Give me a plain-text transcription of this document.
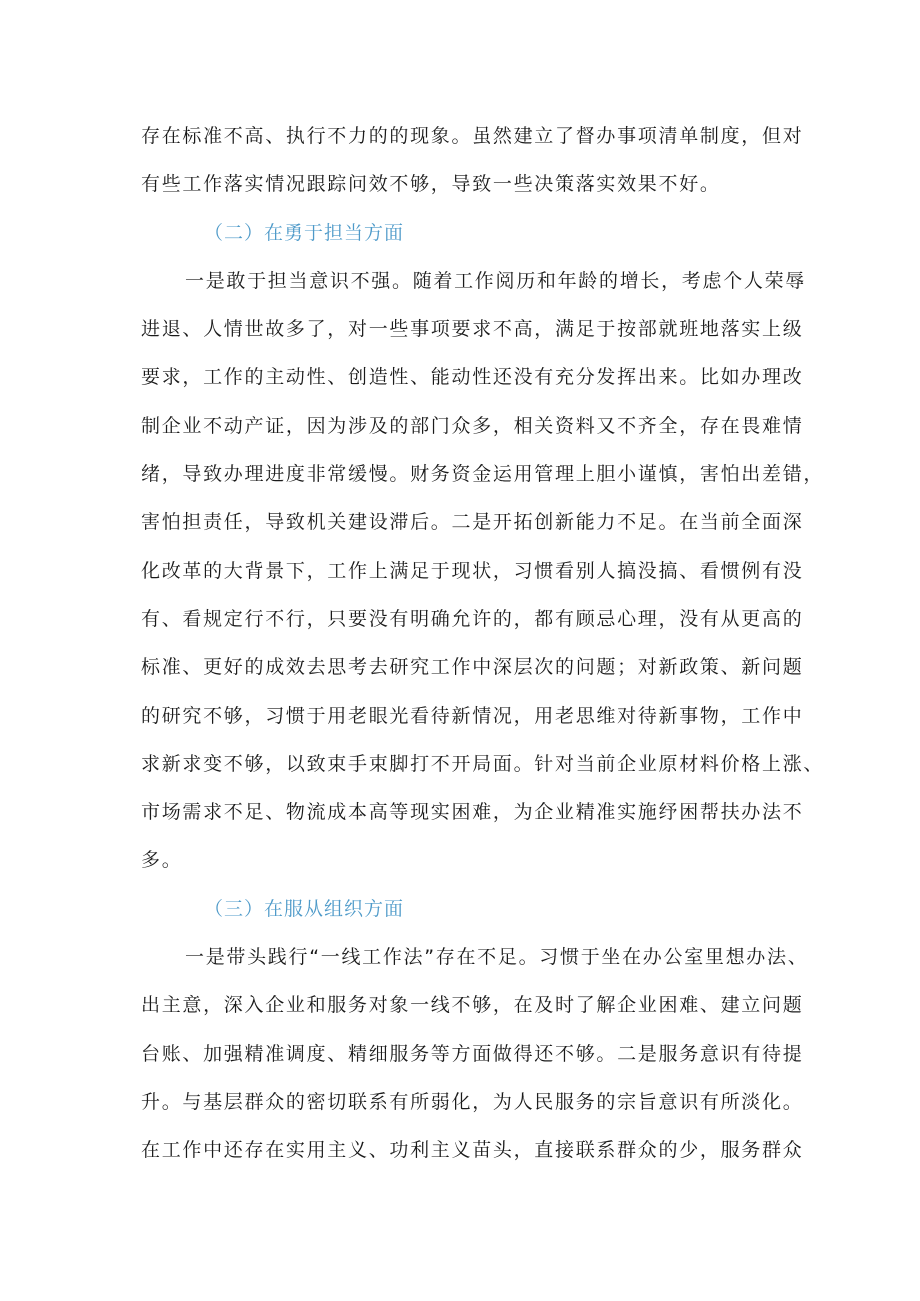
存在标准不高、执行不力的的现象。虽然建立了督办事项清单制度，但对
有些工作落实情况跟踪问效不够，导致一些决策落实效果不好。
（二）在勇于担当方面
一是敢于担当意识不强。随着工作阅历和年龄的增长，考虑个人荣辱
进退、人情世故多了，对一些事项要求不高，满足于按部就班地落实上级
要求，工作的主动性、创造性、能动性还没有充分发挥出来。比如办理改
制企业不动产证，因为涉及的部门众多，相关资料又不齐全，存在畏难情
绪，导致办理进度非常缓慢。财务资金运用管理上胆小谨慎，害怕出差错，
害怕担责任，导致机关建设滞后。二是开拓创新能力不足。在当前全面深
化改革的大背景下，工作上满足于现状，习惯看别人搞没搞、看惯例有没
有、看规定行不行，只要没有明确允许的，都有顾忌心理，没有从更高的
标准、更好的成效去思考去研究工作中深层次的问题；对新政策、新问题
的研究不够，习惯于用老眼光看待新情况，用老思维对待新事物，工作中
求新求变不够，以致束手束脚打不开局面。针对当前企业原材料价格上涨、
市场需求不足、物流成本高等现实困难，为企业精准实施纾困帮扶办法不
多。
（三）在服从组织方面
一是带头践行“一线工作法”存在不足。习惯于坐在办公室里想办法、
出主意，深入企业和服务对象一线不够，在及时了解企业困难、建立问题
台账、加强精准调度、精细服务等方面做得还不够。二是服务意识有待提
升。与基层群众的密切联系有所弱化，为人民服务的宗旨意识有所淡化。
在工作中还存在实用主义、功利主义苗头，直接联系群众的少，服务群众
